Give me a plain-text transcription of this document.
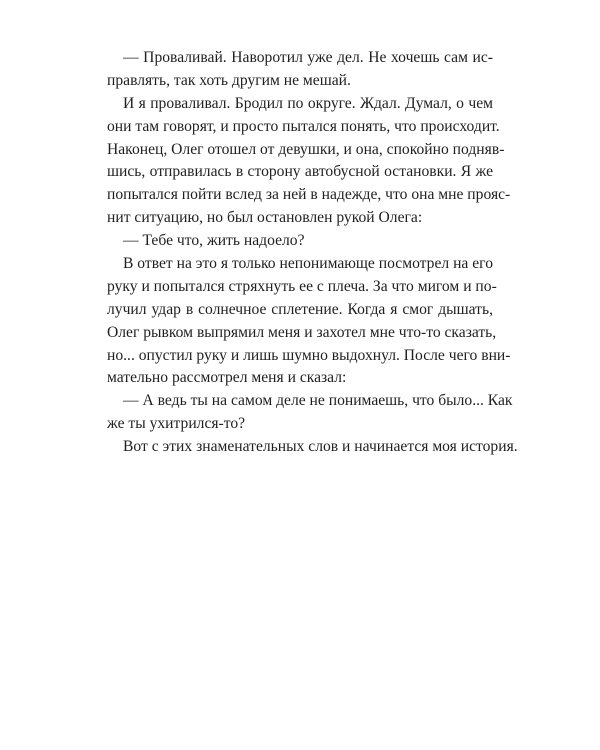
— Проваливай. Наворотил уже дел. Не хочешь сам ис-
правлять, так хоть другим не мешай.
И я проваливал. Бродил по округе. Ждал. Думал, о чем
они там говорят, и просто пытался понять, что происходит.
Наконец, Олег отошел от девушки, и она, спокойно подняв-
шись, отправилась в сторону автобусной остановки. Я же
попытался пойти вслед за ней в надежде, что она мне прояс-
нит ситуацию, но был остановлен рукой Олега:
— Тебе что, жить надоело?
В ответ на это я только непонимающе посмотрел на его
руку и попытался стряхнуть ее с плеча. За что мигом и по-
лучил удар в солнечное сплетение. Когда я смог дышать,
Олег рывком выпрямил меня и захотел мне что-то сказать,
но... опустил руку и лишь шумно выдохнул. После чего вни-
мательно рассмотрел меня и сказал:
— А ведь ты на самом деле не понимаешь, что было... Как
же ты ухитрился-то?
Вот с этих знаменательных слов и начинается моя история.
